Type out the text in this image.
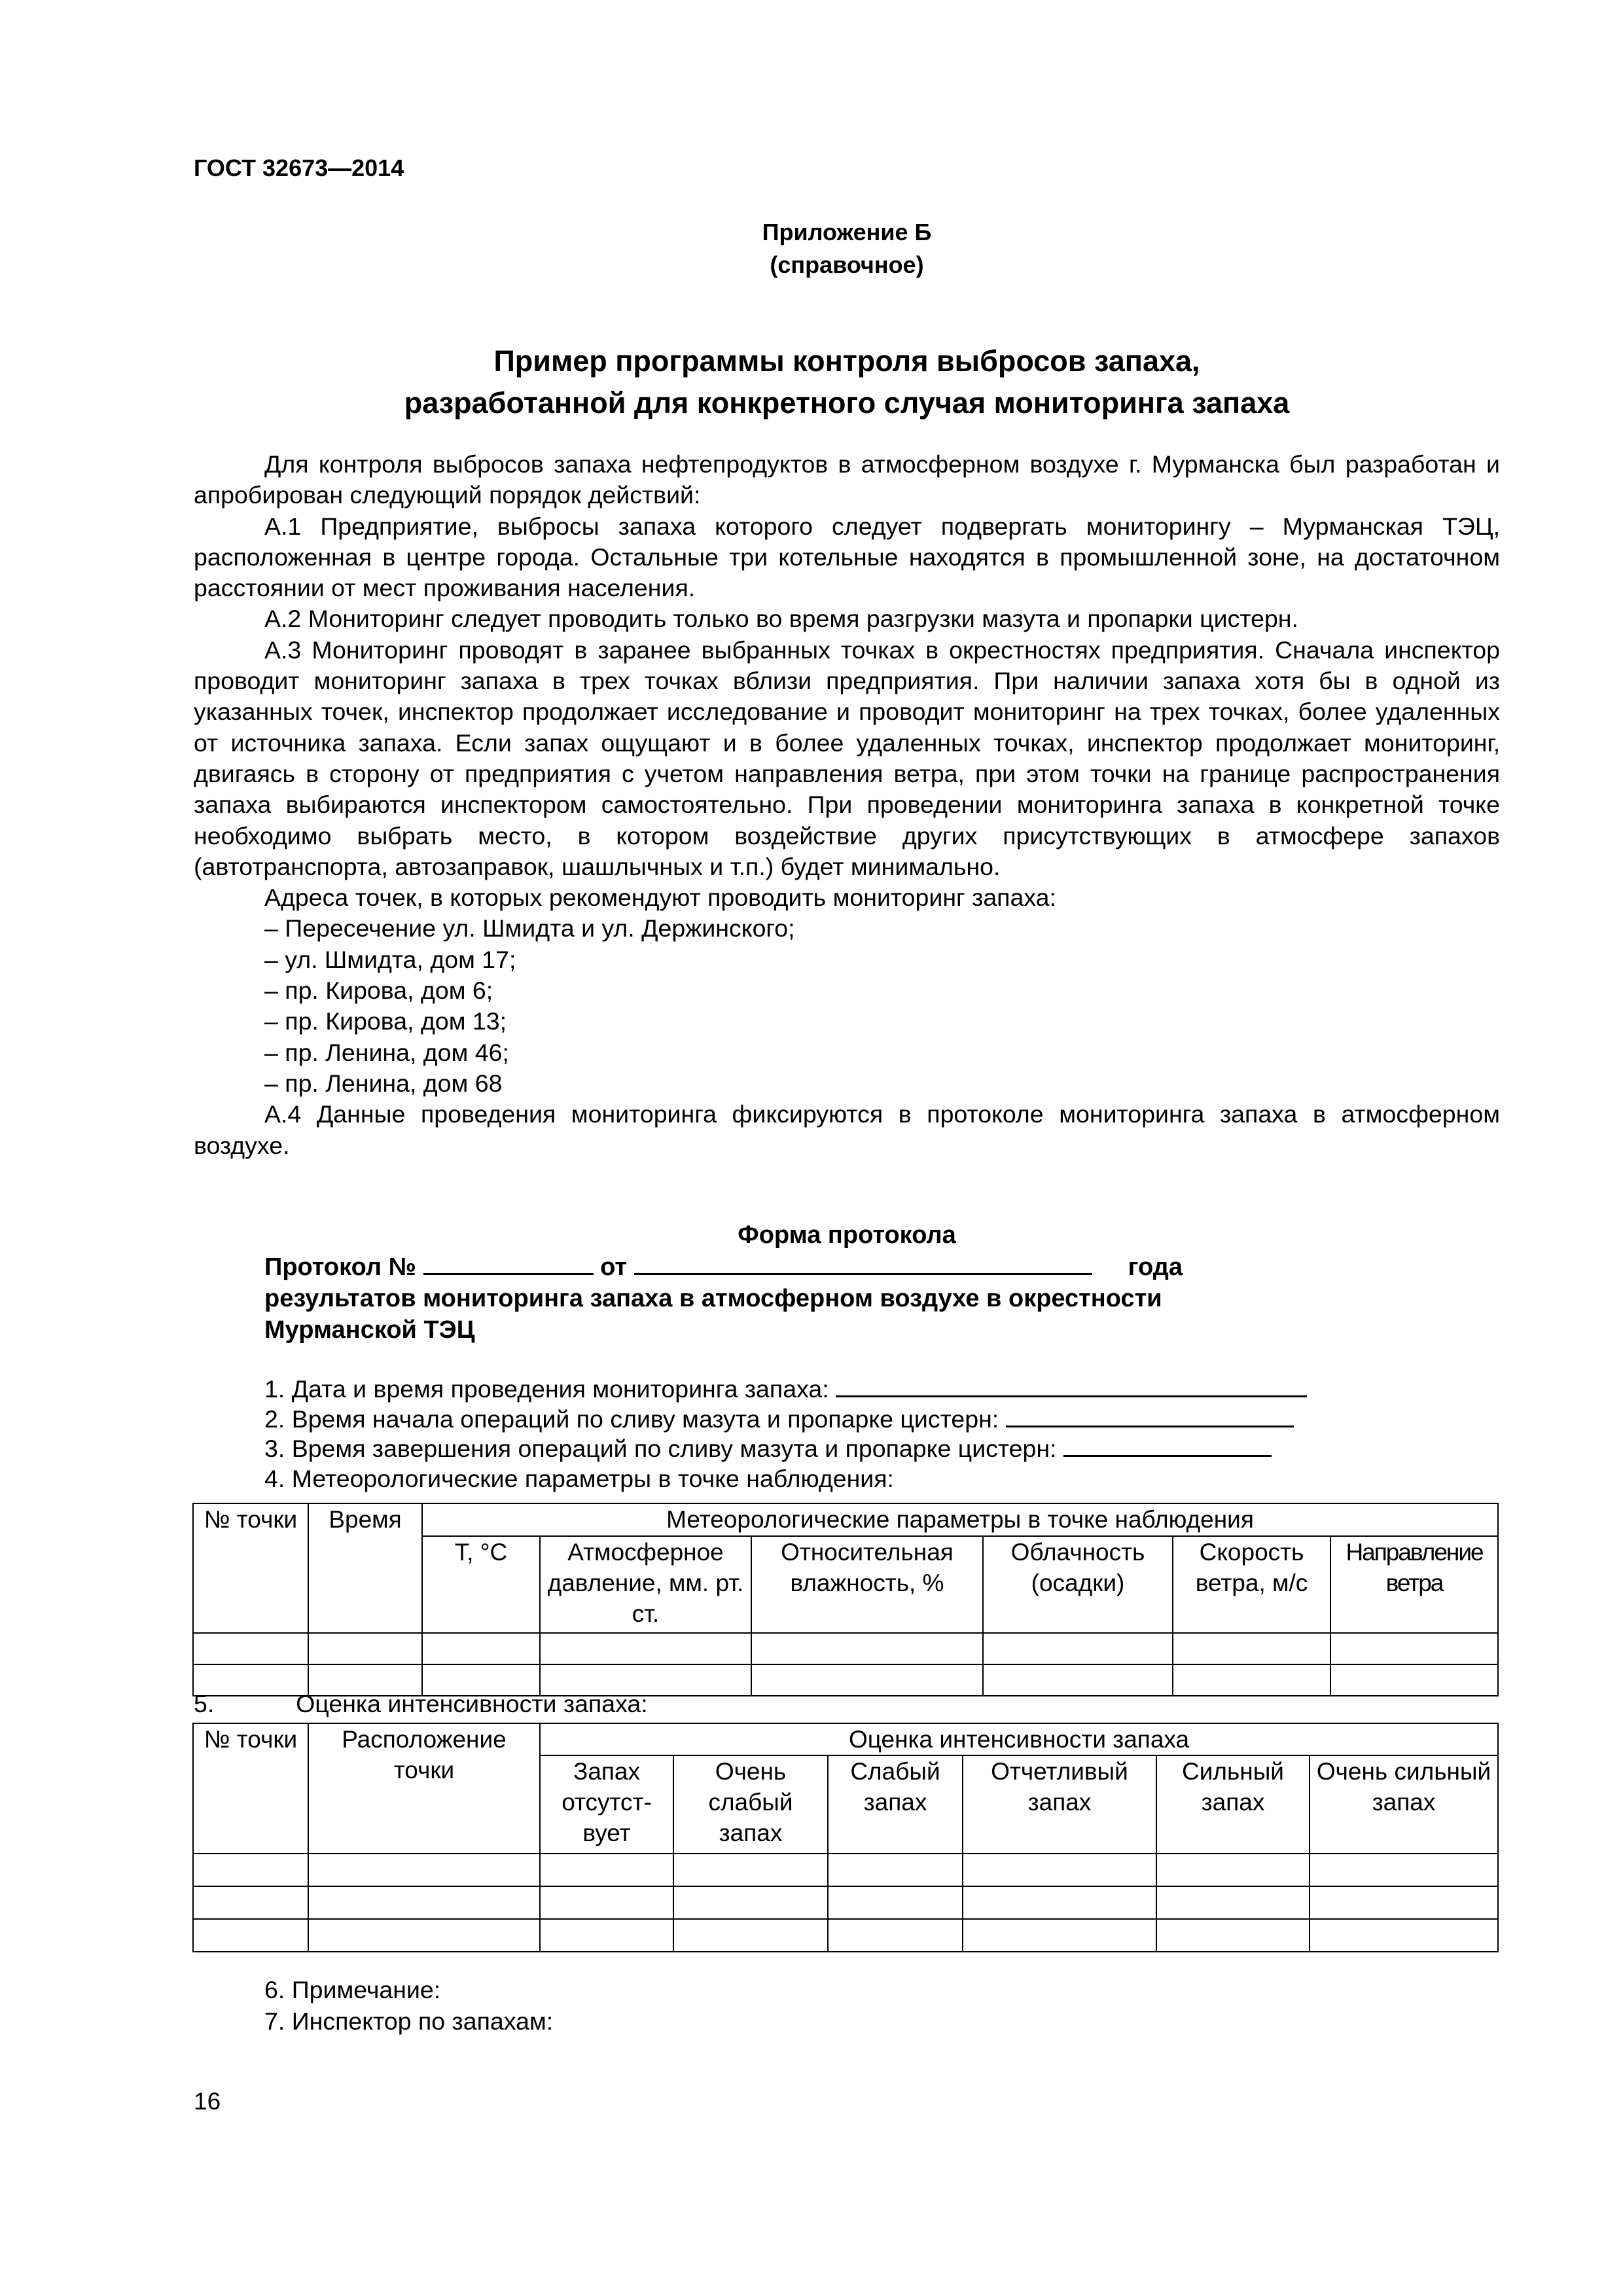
ГОСТ 32673—2014
Приложение Б
(справочное)
Пример программы контроля выбросов запаха,
разработанной для конкретного случая мониторинга запаха

Для контроля выбросов запаха нефтепродуктов в атмосферном воздухе г. Мурманска был разработан и апробирован следующий порядок действий:

А.1 Предприятие, выбросы запаха которого следует подвергать мониторингу – Мурманская ТЭЦ, расположенная в центре города. Остальные три котельные находятся в промышленной зоне, на достаточном расстоянии от мест проживания населения.

А.2 Мониторинг следует проводить только во время разгрузки мазута и пропарки цистерн.

А.3 Мониторинг проводят в заранее выбранных точках в окрестностях предприятия. Сначала инспектор проводит мониторинг запаха в трех точках вблизи предприятия. При наличии запаха хотя бы в одной из указанных точек, инспектор продолжает исследование и проводит мониторинг на трех точках, более удаленных от источника запаха. Если запах ощущают и в более удаленных точках, инспектор продолжает мониторинг, двигаясь в сторону от предприятия с учетом направления ветра, при этом точки на границе распространения запаха выбираются инспектором самостоятельно. При проведении мониторинга запаха в конкретной точке необходимо выбрать место, в котором воздействие других присутствующих в атмосфере запахов (автотранспорта, автозаправок, шашлычных и т.п.) будет минимально.

Адреса точек, в которых рекомендуют проводить мониторинг запаха:

– Пересечение ул. Шмидта и ул. Держинского;

– ул. Шмидта, дом 17;

– пр. Кирова, дом 6;

– пр. Кирова, дом 13;

– пр. Ленина, дом 46;

– пр. Ленина, дом 68

А.4 Данные проведения мониторинга фиксируются в протоколе мониторинга запаха в атмосферном воздухе.

Форма протокола
Протокол №	от	года
результатов мониторинга запаха в атмосферном воздухе в окрестности
Мурманской ТЭЦ

1. Дата и время проведения мониторинга запаха:

2. Время начала операций по сливу мазута и пропарке цистерн:

3. Время завершения операций по сливу мазута и пропарке цистерн:

4. Метеорологические параметры в точке наблюдения:

№ точки	Время	Метеорологические параметры в точке наблюдения					
		T, °C	Атмосферное давление, мм. рт. ст.	Относительная влажность, %	Облачность (осадки)	Скорость ветра, м/с	Направление ветра

5.	Оценка интенсивности запаха:
№ точки	Расположение точки	Оценка интенсивности запаха					
		Запах отсутст-вует	Очень слабый запах	Слабый запах	Отчетливый запах	Сильный запах	Очень сильный запах

6. Примечание:

7. Инспектор по запахам:

16
